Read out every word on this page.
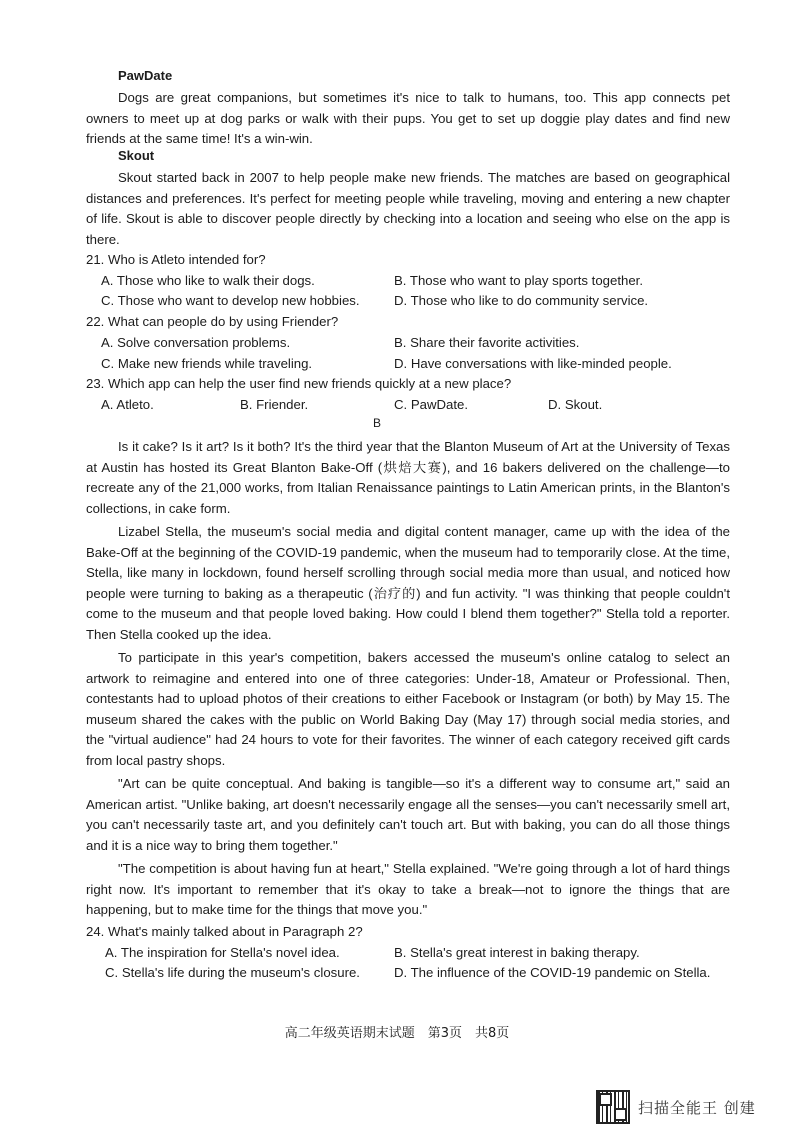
PawDate

Dogs are great companions, but sometimes it's nice to talk to humans, too. This app connects pet owners to meet up at dog parks or walk with their pups. You get to set up doggie play dates and find new friends at the same time! It's a win-win.

Skout

Skout started back in 2007 to help people make new friends. The matches are based on geographical distances and preferences. It's perfect for meeting people while traveling, moving and entering a new chapter of life. Skout is able to discover people directly by checking into a location and seeing who else on the app is there.

21. Who is Atleto intended for?
A. Those who like to walk their dogs.	B. Those who want to play sports together.
C. Those who want to develop new hobbies.	D. Those who like to do community service.
22. What can people do by using Friender?
A. Solve conversation problems.	B. Share their favorite activities.
C. Make new friends while traveling.	D. Have conversations with like-minded people.
23. Which app can help the user find new friends quickly at a new place?
A. Atleto.	B. Friender.	C. PawDate.	D. Skout.
B

Is it cake? Is it art? Is it both? It's the third year that the Blanton Museum of Art at the University of Texas at Austin has hosted its Great Blanton Bake-Off (烘焙大赛), and 16 bakers delivered on the challenge—to recreate any of the 21,000 works, from Italian Renaissance paintings to Latin American prints, in the Blanton's collections, in cake form.

Lizabel Stella, the museum's social media and digital content manager, came up with the idea of the Bake-Off at the beginning of the COVID-19 pandemic, when the museum had to temporarily close. At the time, Stella, like many in lockdown, found herself scrolling through social media more than usual, and noticed how people were turning to baking as a therapeutic (治疗的) and fun activity. "I was thinking that people couldn't come to the museum and that people loved baking. How could I blend them together?" Stella told a reporter. Then Stella cooked up the idea.

To participate in this year's competition, bakers accessed the museum's online catalog to select an artwork to reimagine and entered into one of three categories: Under-18, Amateur or Professional. Then, contestants had to upload photos of their creations to either Facebook or Instagram (or both) by May 15. The museum shared the cakes with the public on World Baking Day (May 17) through social media stories, and the "virtual audience" had 24 hours to vote for their favorites. The winner of each category received gift cards from local pastry shops.

"Art can be quite conceptual. And baking is tangible—so it's a different way to consume art," said an American artist. "Unlike baking, art doesn't necessarily engage all the senses—you can't necessarily smell art, you can't necessarily taste art, and you definitely can't touch art. But with baking, you can do all those things and it is a nice way to bring them together."

"The competition is about having fun at heart," Stella explained. "We're going through a lot of hard things right now. It's important to remember that it's okay to take a break—not to ignore the things that are happening, but to make time for the things that move you."

24. What's mainly talked about in Paragraph 2?
A. The inspiration for Stella's novel idea.	B. Stella's great interest in baking therapy.
C. Stella's life during the museum's closure.	D. The influence of the COVID-19 pandemic on Stella.
高二年级英语期末试题　第3页　共8页
扫描全能王 创建
